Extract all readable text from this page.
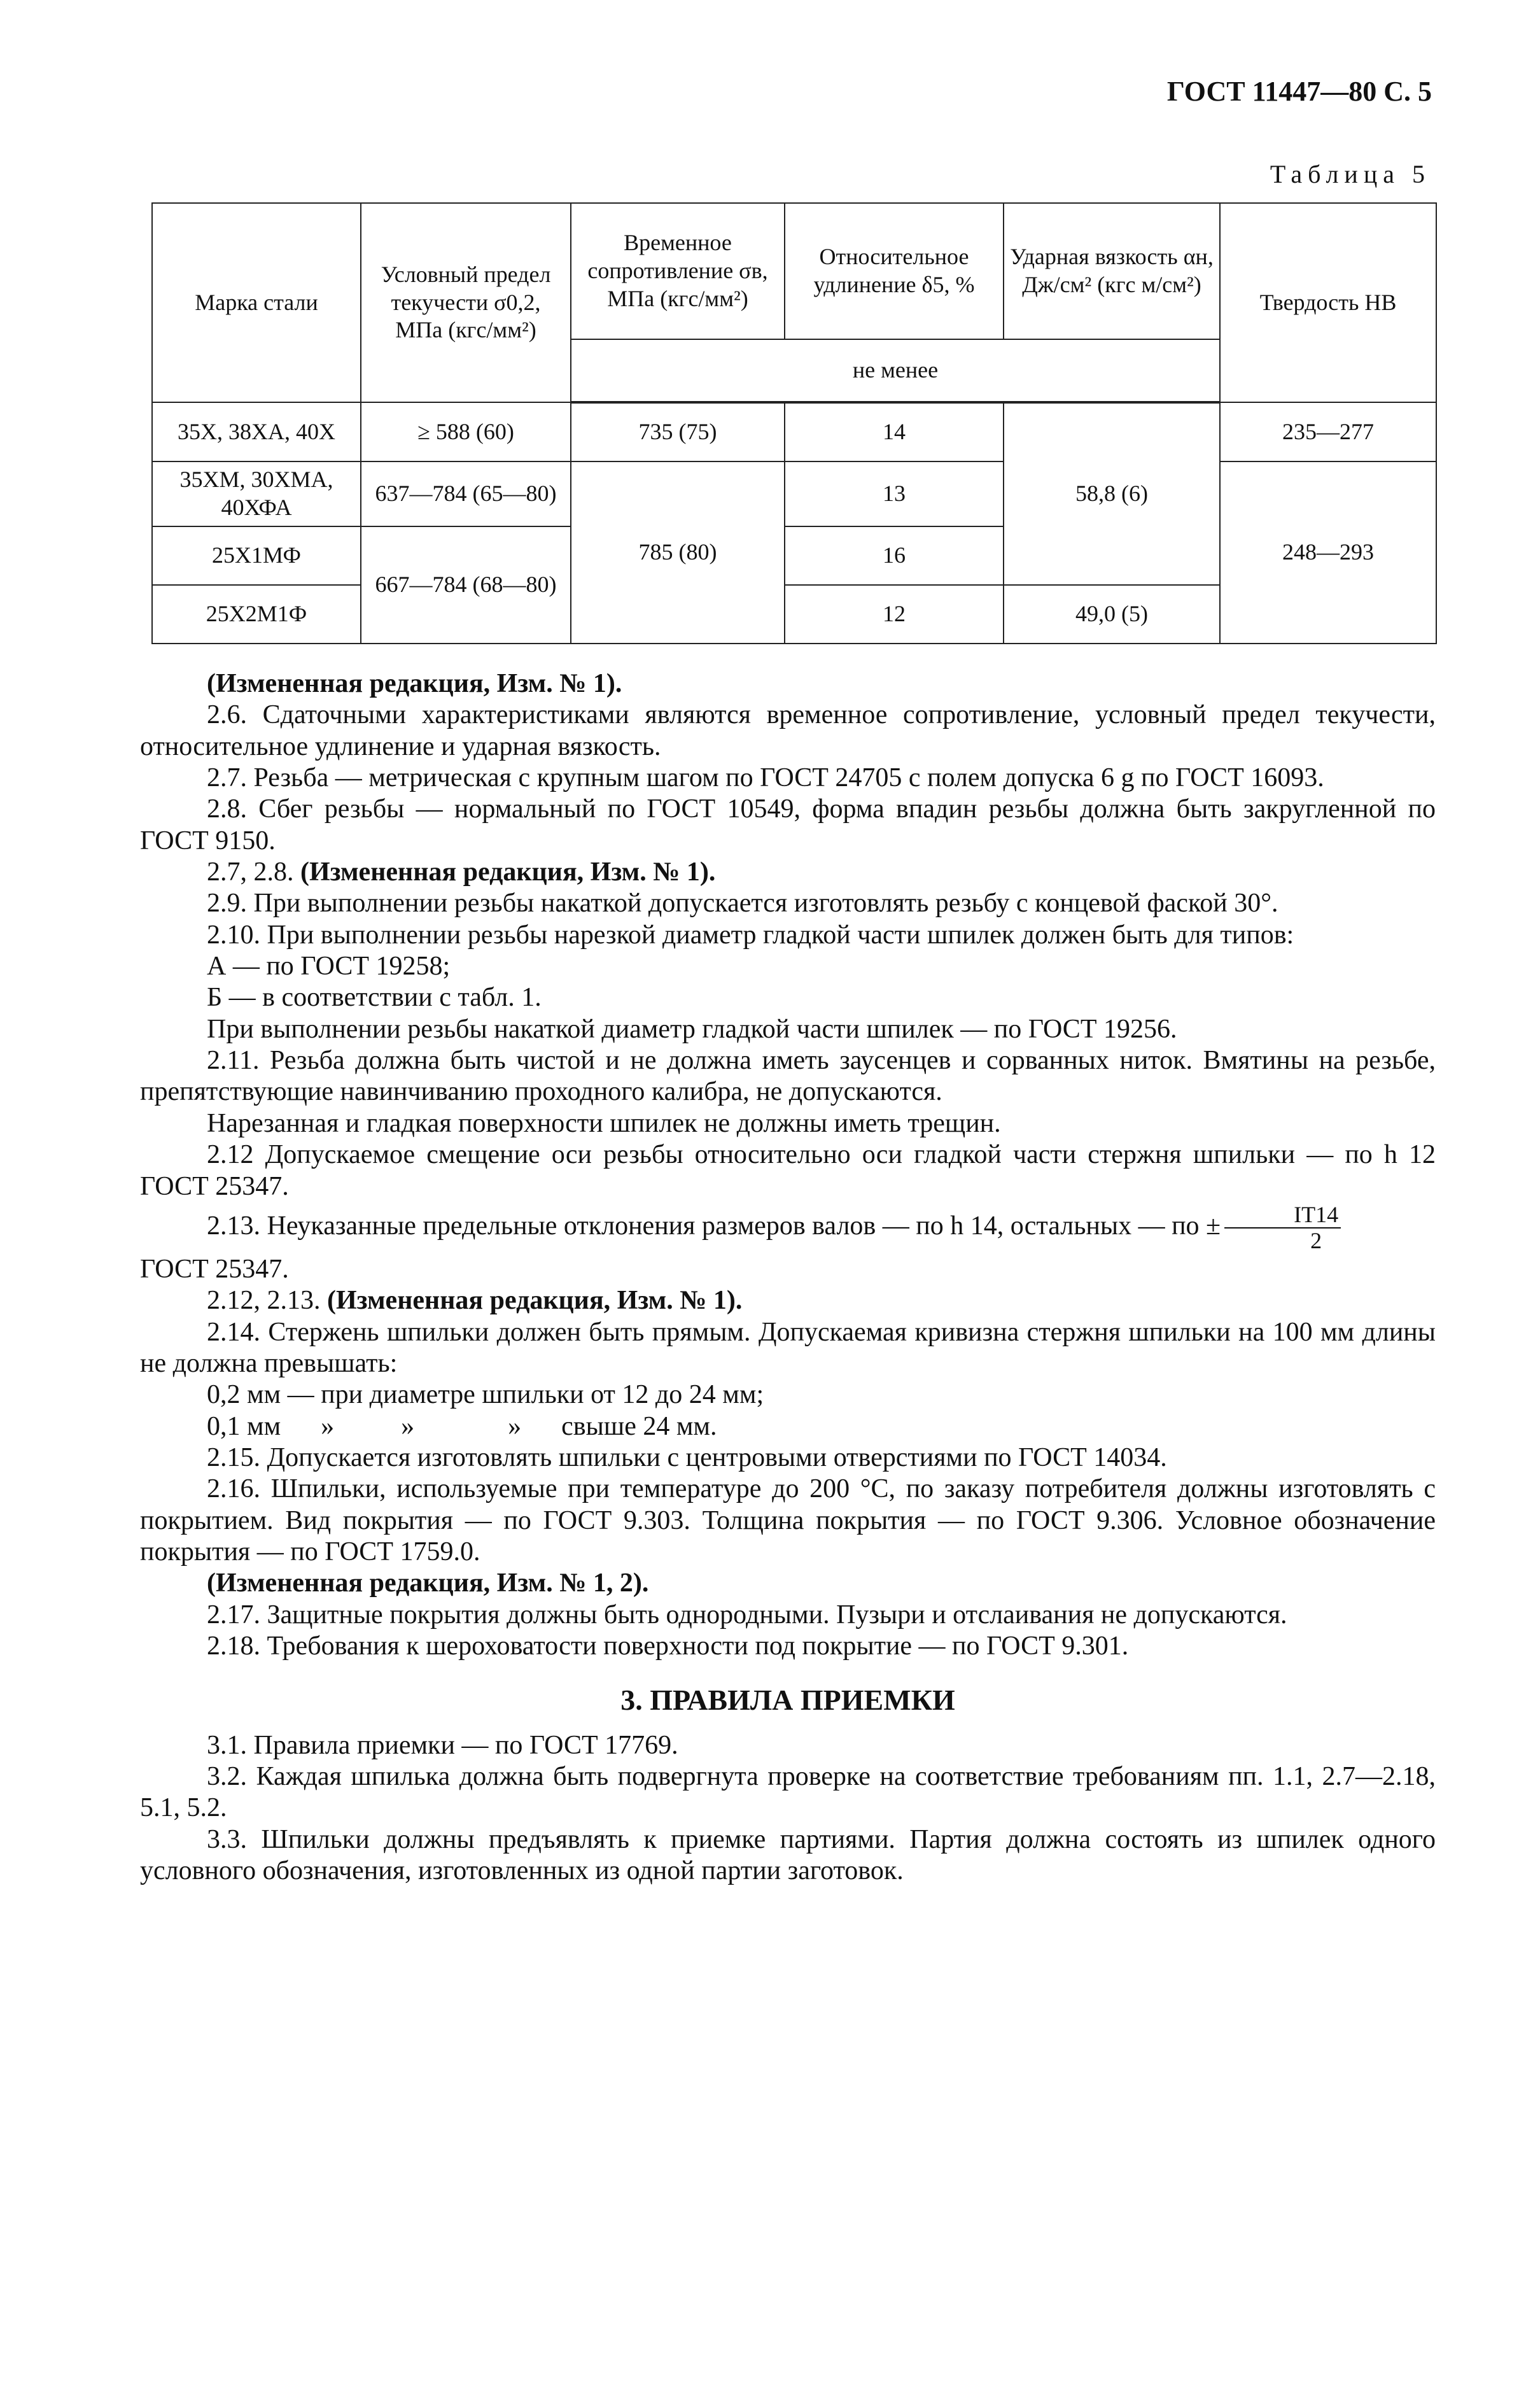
ГОСТ 11447—80 С. 5
Таблица 5
Марка стали	Условный предел текучести σ0,2, МПа (кгс/мм²)	Временное сопротивление σв, МПа (кгс/мм²)	Относительное удлинение δ5, %	Ударная вязкость αн, Дж/см² (кгс м/см²)	Твердость НВ
		не менее			
35Х, 38ХА, 40Х	≥ 588 (60)	735 (75)	14	58,8 (6)	235—277
35ХМ, 30ХМА, 40ХФА	637—784 (65—80)	785 (80)	13		248—293
25Х1МФ	667—784 (68—80)		16		
25Х2М1Ф			12	49,0 (5)	

(Измененная редакция, Изм. № 1).

2.6. Сдаточными характеристиками являются временное сопротивление, условный предел текучести, относительное удлинение и ударная вязкость.

2.7. Резьба — метрическая с крупным шагом по ГОСТ 24705 с полем допуска 6 g по ГОСТ 16093.

2.8. Сбег резьбы — нормальный по ГОСТ 10549, форма впадин резьбы должна быть закругленной по ГОСТ 9150.

2.7, 2.8. (Измененная редакция, Изм. № 1).

2.9. При выполнении резьбы накаткой допускается изготовлять резьбу с концевой фаской 30°.

2.10. При выполнении резьбы нарезкой диаметр гладкой части шпилек должен быть для типов:

А — по ГОСТ 19258;

Б — в соответствии с табл. 1.

При выполнении резьбы накаткой диаметр гладкой части шпилек — по ГОСТ 19256.

2.11. Резьба должна быть чистой и не должна иметь заусенцев и сорванных ниток. Вмятины на резьбе, препятствующие навинчиванию проходного калибра, не допускаются.

Нарезанная и гладкая поверхности шпилек не должны иметь трещин.

2.12 Допускаемое смещение оси резьбы относительно оси гладкой части стержня шпильки — по h 12 ГОСТ 25347.

2.13. Неуказанные предельные отклонения размеров валов — по h 14, остальных — по ± $\frac{IT14}{2}$

ГОСТ 25347.

2.12, 2.13. (Измененная редакция, Изм. № 1).

2.14. Стержень шпильки должен быть прямым. Допускаемая кривизна стержня шпильки на 100 мм длины не должна превышать:

0,2 мм — при диаметре шпильки от 12 до 24 мм;

0,1 мм      »          »              »      свыше 24 мм.

2.15. Допускается изготовлять шпильки с центровыми отверстиями по ГОСТ 14034.

2.16. Шпильки, используемые при температуре до 200 °С, по заказу потребителя должны изготовлять с покрытием. Вид покрытия — по ГОСТ 9.303. Толщина покрытия — по ГОСТ 9.306. Условное обозначение покрытия — по ГОСТ 1759.0.

(Измененная редакция, Изм. № 1, 2).

2.17. Защитные покрытия должны быть однородными. Пузыри и отслаивания не допускаются.

2.18. Требования к шероховатости поверхности под покрытие — по ГОСТ 9.301.

3. ПРАВИЛА ПРИЕМКИ

3.1. Правила приемки — по ГОСТ 17769.

3.2. Каждая шпилька должна быть подвергнута проверке на соответствие требованиям пп. 1.1, 2.7—2.18, 5.1, 5.2.

3.3. Шпильки должны предъявлять к приемке партиями. Партия должна состоять из шпилек одного условного обозначения, изготовленных из одной партии заготовок.
